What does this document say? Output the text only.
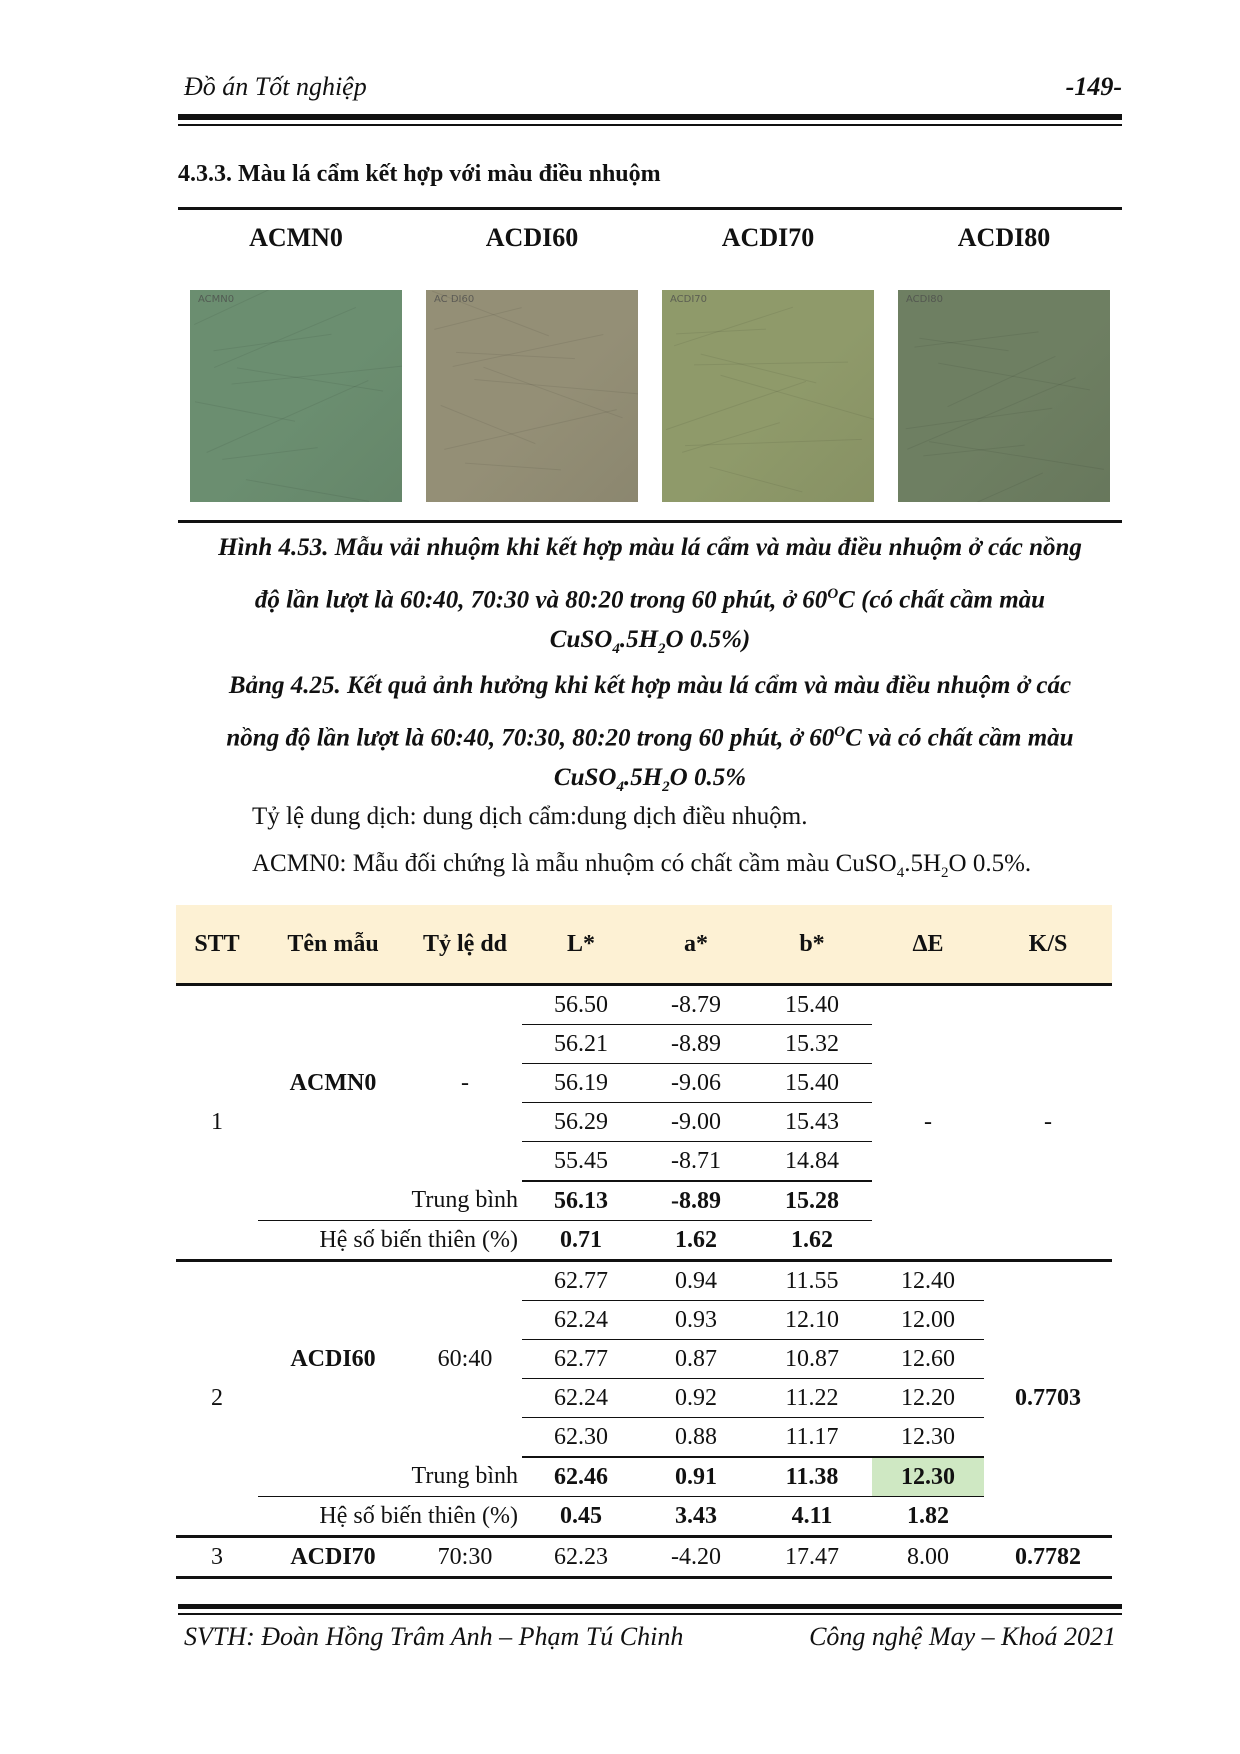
Đồ án Tốt nghiệp	-149-
4.3.3. Màu lá cẩm kết hợp với màu điều nhuộm
ACMN0	ACDI60	ACDI70	ACDI80
ACMN0	AC DI60	ACDI70	ACDI80
Hình 4.53. Mẫu vải nhuộm khi kết hợp màu lá cẩm và màu điều nhuộm ở các nồng
độ lần lượt là 60:40, 70:30 và 80:20 trong 60 phút, ở $60^OC$ (có chất cầm màu
$CuSO_4.5H_2O$ 0.5%)
Bảng 4.25. Kết quả ảnh hưởng khi kết hợp màu lá cẩm và màu điều nhuộm ở các
nồng độ lần lượt là 60:40, 70:30, 80:20 trong 60 phút, ở $60^OC$ và có chất cầm màu
$CuSO_4.5H_2O$ 0.5%
Tỷ lệ dung dịch: dung dịch cẩm:dung dịch điều nhuộm.
ACMN0: Mẫu đối chứng là mẫu nhuộm có chất cầm màu $CuSO_4.5H_2O$ 0.5%.
STT	Tên mẫu	Tỷ lệ dd	L*	a*	b*	ΔE	K/S
1	ACMN0	-	56.50	-8.79	15.40	-	-
			56.21	-8.89	15.32		
			56.19	-9.06	15.40		
			56.29	-9.00	15.43		
			55.45	-8.71	14.84		
	Trung bình		56.13	-8.89	15.28		
	Hệ số biến thiên (%)		0.71	1.62	1.62		
2	ACDI60	60:40	62.77	0.94	11.55	12.40	0.7703
			62.24	0.93	12.10	12.00	
			62.77	0.87	10.87	12.60	
			62.24	0.92	11.22	12.20	
			62.30	0.88	11.17	12.30	
	Trung bình		62.46	0.91	11.38	12.30	
	Hệ số biến thiên (%)		0.45	3.43	4.11	1.82	
3	ACDI70	70:30	62.23	-4.20	17.47	8.00	0.7782
SVTH: Đoàn Hồng Trâm Anh – Phạm Tú Chinh	Công nghệ May – Khoá 2021
